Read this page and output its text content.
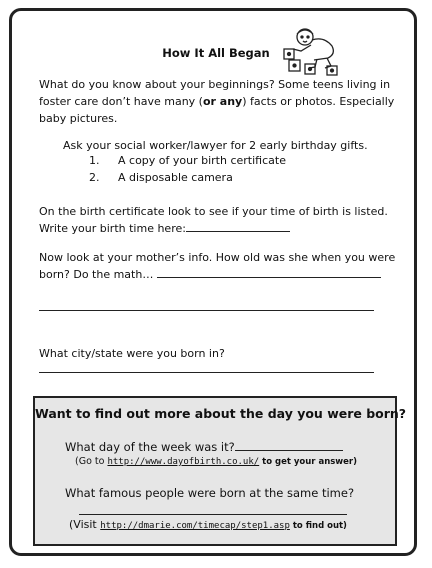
How It All Began
What do you know about your beginnings? Some teens living in
foster care don’t have many (or any) facts or photos. Especially
baby pictures.
Ask your social worker/lawyer for 2 early birthday gifts.
1. A copy of your birth certificate
2. A disposable camera
On the birth certificate look to see if your time of birth is listed.
Write your birth time here:
Now look at your mother’s info. How old was she when you were
born? Do the math…
What city/state were you born in?
Want to find out more about the day you were born?
What day of the week was it?
(Go to http://www.dayofbirth.co.uk/ to get your answer)
What famous people were born at the same time?
(Visit http://dmarie.com/timecap/step1.asp to find out)
